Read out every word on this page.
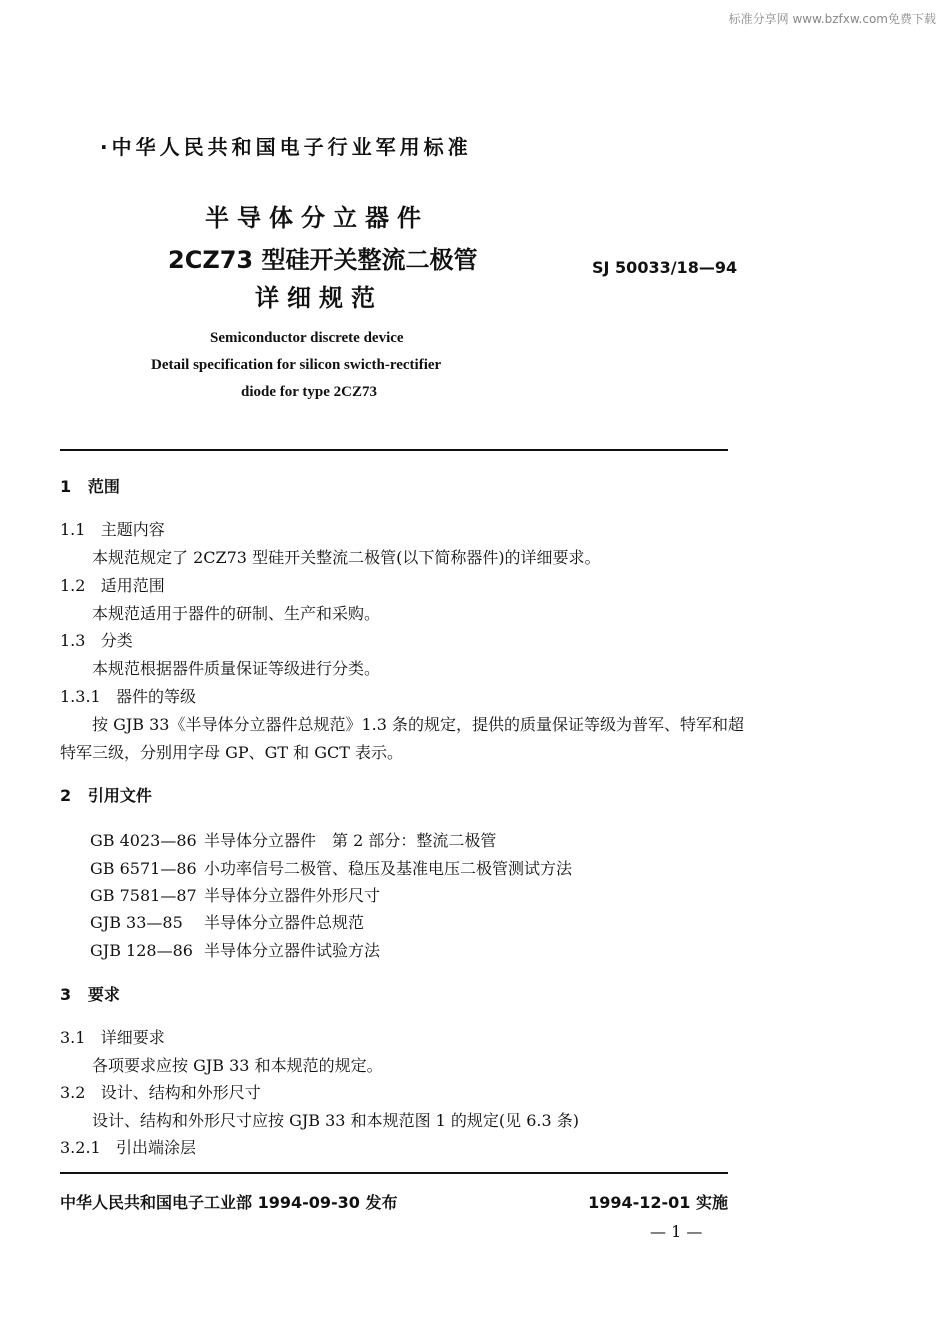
标准分享网 www.bzfxw.com免费下载
·中华人民共和国电子行业军用标准
半导体分立器件
2CZ73 型硅开关整流二极管
详细规范
SJ 50033/18—94
Semiconductor discrete device
Detail specification for silicon swicth-rectifier
diode for type 2CZ73
1 范围
1.1 主题内容
本规范规定了 2CZ73 型硅开关整流二极管(以下简称器件)的详细要求。
1.2 适用范围
本规范适用于器件的研制、生产和采购。
1.3 分类
本规范根据器件质量保证等级进行分类。
1.3.1 器件的等级
按 GJB 33《半导体分立器件总规范》1.3 条的规定，提供的质量保证等级为普军、特军和超
特军三级，分别用字母 GP、GT 和 GCT 表示。
2 引用文件
GB 4023—86 半导体分立器件　第 2 部分：整流二极管
GB 6571—86 小功率信号二极管、稳压及基准电压二极管测试方法
GB 7581—87 半导体分立器件外形尺寸
GJB 33—85 半导体分立器件总规范
GJB 128—86 半导体分立器件试验方法
3 要求
3.1 详细要求
各项要求应按 GJB 33 和本规范的规定。
3.2 设计、结构和外形尺寸
设计、结构和外形尺寸应按 GJB 33 和本规范图 1 的规定(见 6.3 条)
3.2.1 引出端涂层
中华人民共和国电子工业部 1994-09-30 发布	1994-12-01 实施
— 1 —
